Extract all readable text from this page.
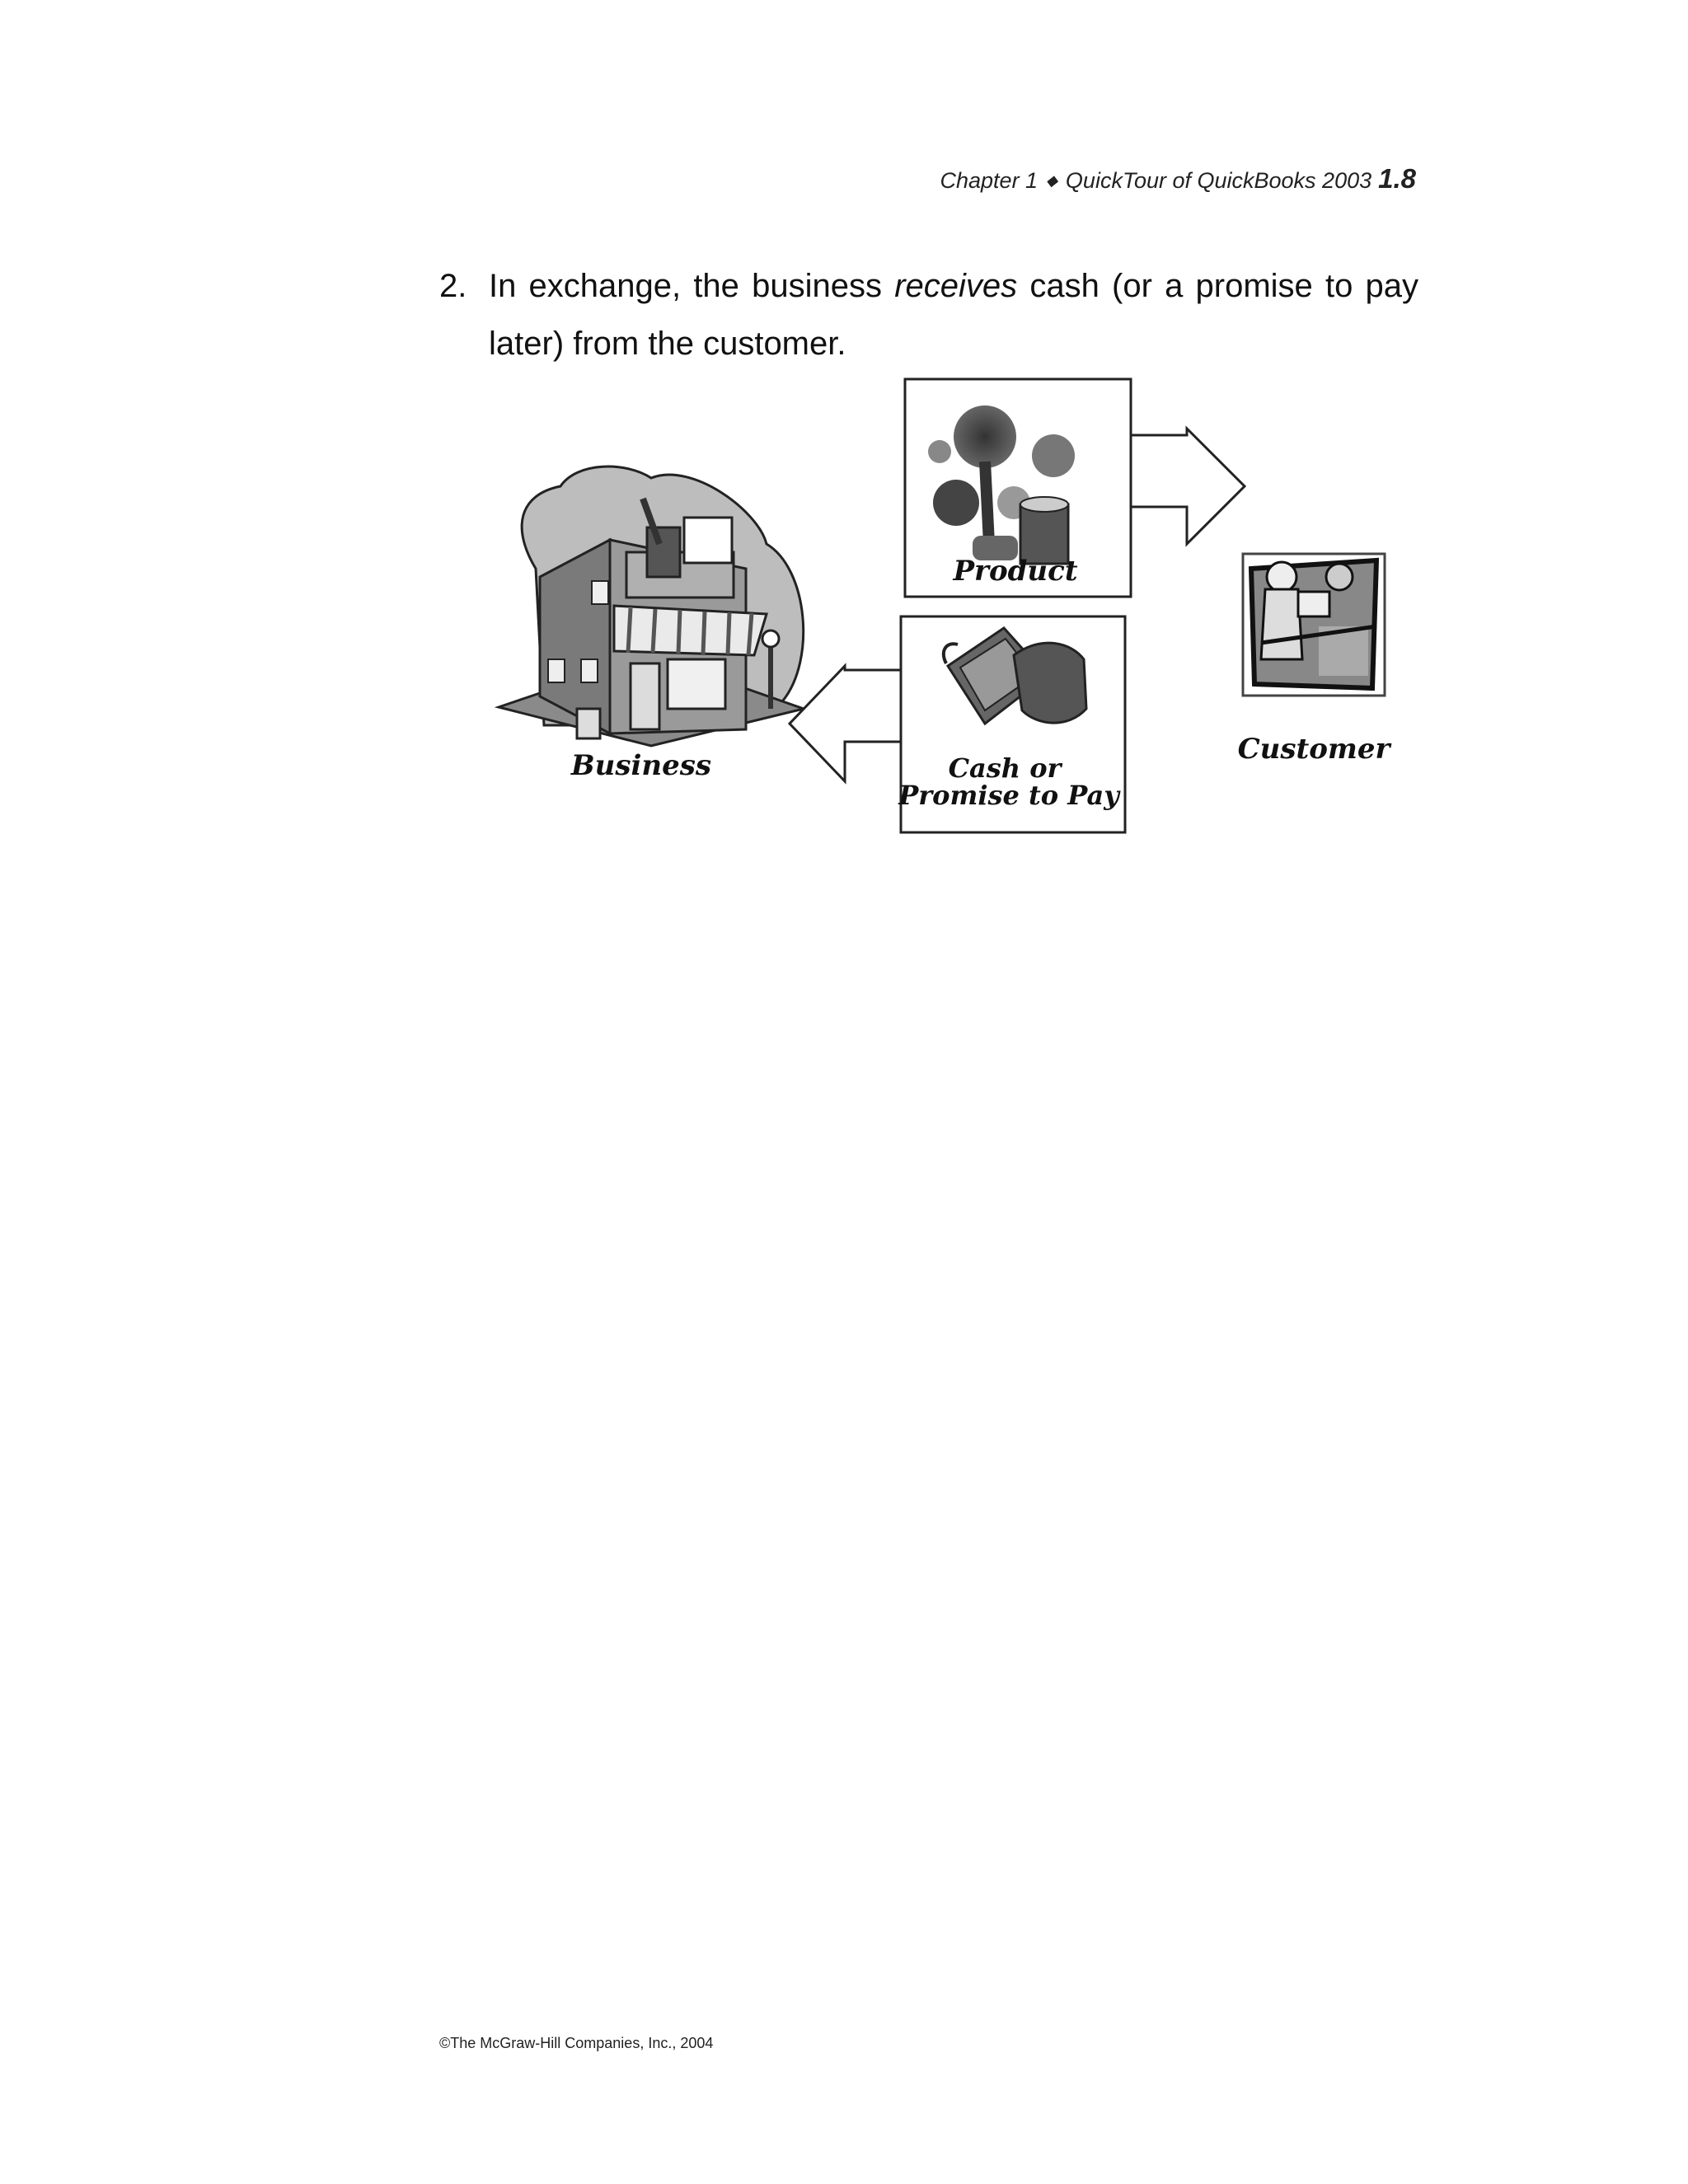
Chapter 1 ◆ QuickTour of QuickBooks 2003 1.8
2. In exchange, the business receives cash (or a promise to pay later) from the customer.
Business
Product
Customer
Cash or
Promise to Pay
©The McGraw-Hill Companies, Inc., 2004
